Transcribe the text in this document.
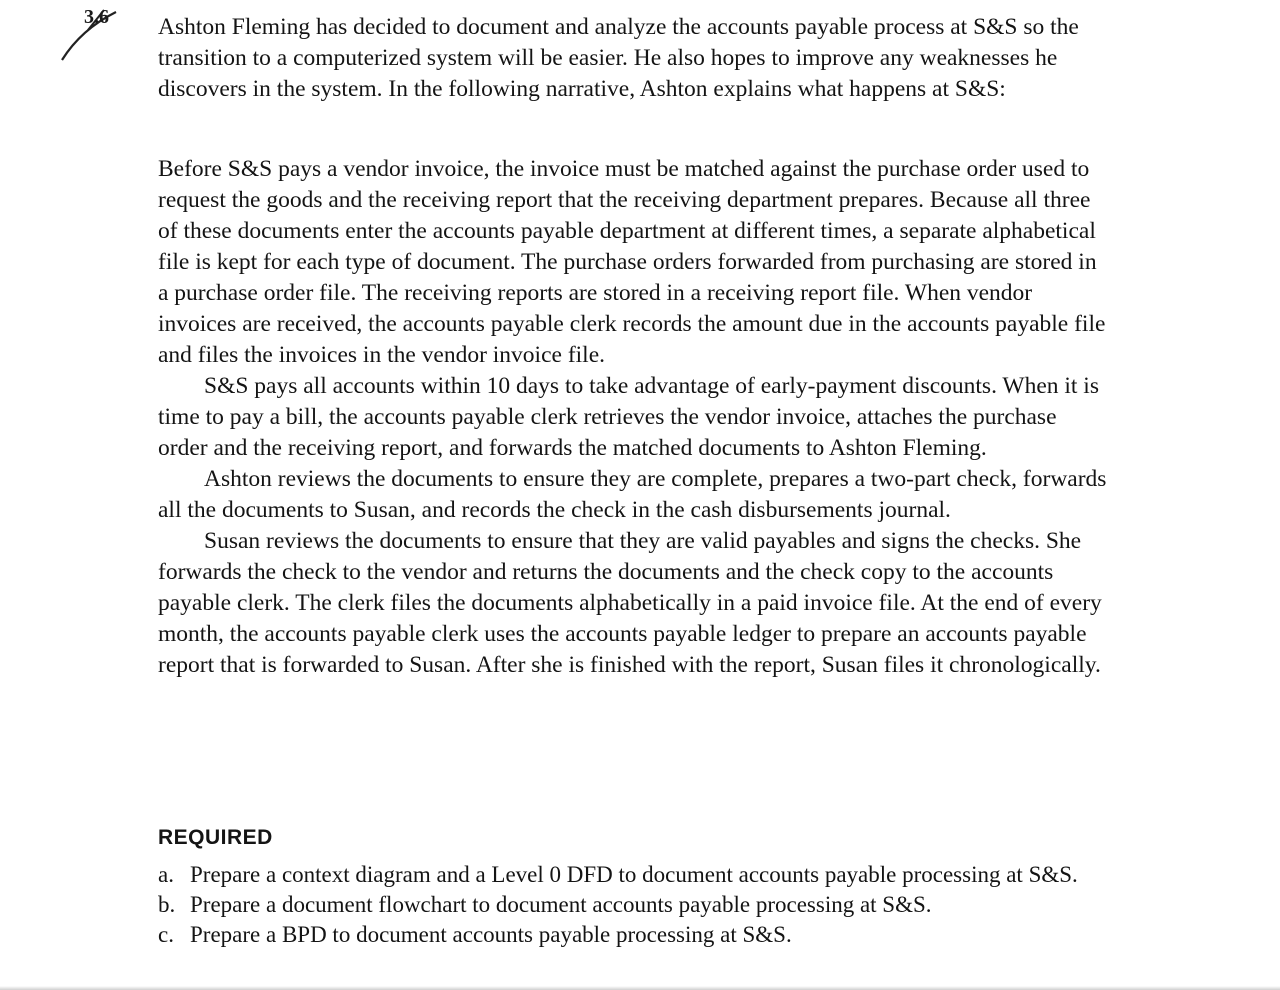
3.6 Ashton Fleming has decided to document and analyze the accounts payable process at S&S so the transition to a computerized system will be easier. He also hopes to improve any weaknesses he discovers in the system. In the following narrative, Ashton explains what happens at S&S:

Before S&S pays a vendor invoice, the invoice must be matched against the purchase order used to request the goods and the receiving report that the receiving department prepares. Because all three of these documents enter the accounts payable department at different times, a separate alphabetical file is kept for each type of document. The purchase orders forwarded from purchasing are stored in a purchase order file. The receiving reports are stored in a receiving report file. When vendor invoices are received, the accounts payable clerk records the amount due in the accounts payable file and files the invoices in the vendor invoice file.

S&S pays all accounts within 10 days to take advantage of early-payment discounts. When it is time to pay a bill, the accounts payable clerk retrieves the vendor invoice, attaches the purchase order and the receiving report, and forwards the matched documents to Ashton Fleming.

Ashton reviews the documents to ensure they are complete, prepares a two-part check, forwards all the documents to Susan, and records the check in the cash disbursements journal.

Susan reviews the documents to ensure that they are valid payables and signs the checks. She forwards the check to the vendor and returns the documents and the check copy to the accounts payable clerk. The clerk files the documents alphabetically in a paid invoice file. At the end of every month, the accounts payable clerk uses the accounts payable ledger to prepare an accounts payable report that is forwarded to Susan. After she is finished with the report, Susan files it chronologically.

REQUIRED
a. Prepare a context diagram and a Level 0 DFD to document accounts payable processing at S&S.
b. Prepare a document flowchart to document accounts payable processing at S&S.
c. Prepare a BPD to document accounts payable processing at S&S.
